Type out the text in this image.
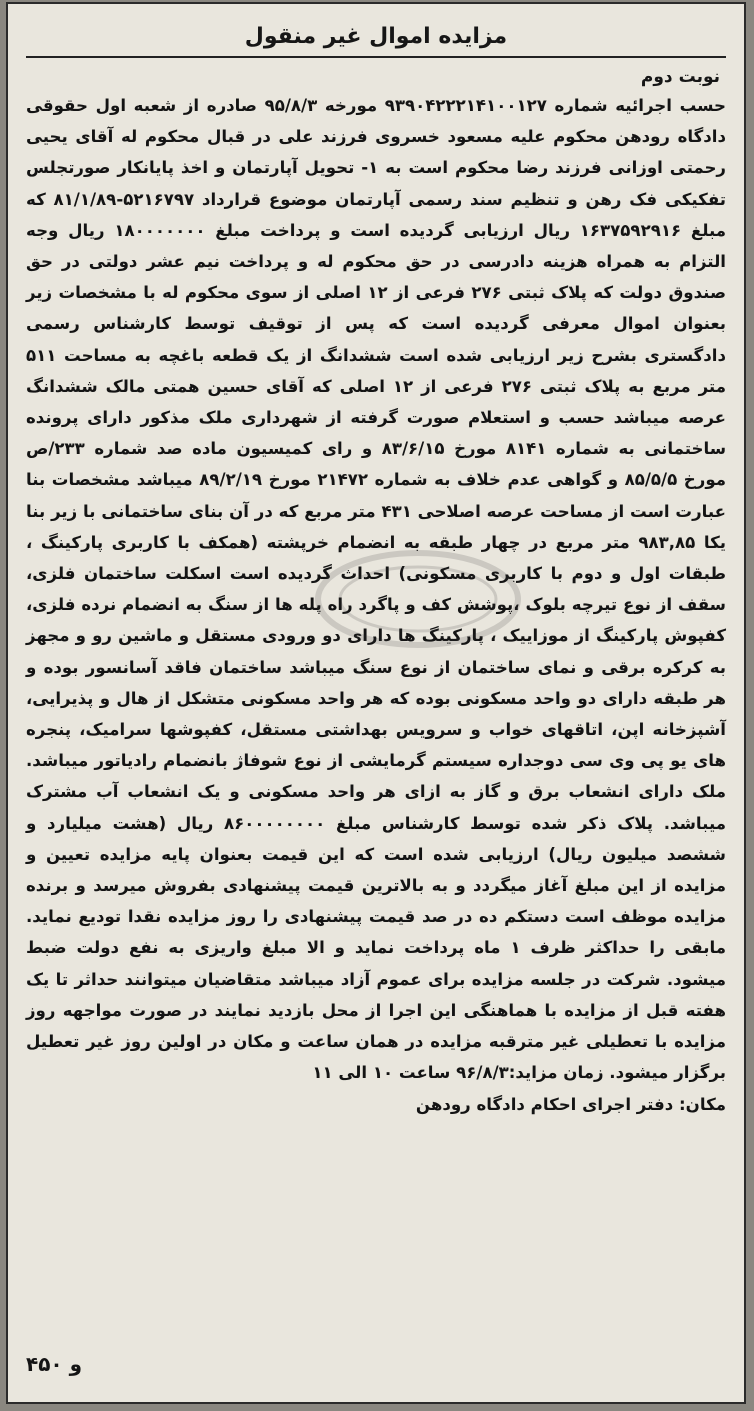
مزایده اموال غیر منقول
نوبت دوم
حسب اجرائیه شماره ۹۳۹۰۴۲۲۲۱۴۱۰۰۱۲۷ مورخه ۹۵/۸/۳ صادره از شعبه اول حقوقی دادگاه رودهن محکوم علیه مسعود خسروی فرزند علی در قبال محکوم له آقای یحیی رحمتی اوزانی فرزند رضا محکوم است به ۱- تحویل آپارتمان و اخذ پایانکار صورتجلس تفکیکی فک رهن و تنظیم سند رسمی آپارتمان موضوع قرارداد ۵۲۱۶۷۹۷-۸۱/۱/۸۹ که مبلغ ۱۶۳۷۵۹۲۹۱۶ ریال ارزیابی گردیده است و پرداخت مبلغ ۱۸۰۰۰۰۰۰۰ ریال وجه التزام به همراه هزینه دادرسی در حق محکوم له و پرداخت نیم عشر دولتی در حق صندوق دولت که پلاک ثبتی ۲۷۶ فرعی از ۱۲ اصلی از سوی محکوم له با مشخصات زیر بعنوان اموال معرفی گردیده است که پس از توقیف توسط کارشناس رسمی دادگستری بشرح زیر ارزیابی شده است ششدانگ از یک قطعه باغچه به مساحت ۵۱۱ متر مربع به پلاک ثبتی ۲۷۶ فرعی از ۱۲ اصلی که آقای حسین همتی مالک ششدانگ عرصه میباشد حسب و استعلام صورت گرفته از شهرداری ملک مذکور دارای پرونده ساختمانی به شماره ۸۱۴۱ مورخ ۸۳/۶/۱۵ و رای کمیسیون ماده صد شماره ۲۳۳/ص مورخ ۸۵/۵/۵ و گواهی عدم خلاف به شماره ۲۱۴۷۲ مورخ ۸۹/۲/۱۹ میباشد مشخصات بنا عبارت است از مساحت عرصه اصلاحی ۴۳۱ متر مربع که در آن بنای ساختمانی با زیر بنا یکا ۹۸۳,۸۵ متر مربع در چهار طبقه به انضمام خرپشته (همکف با کاربری پارکینگ ، طبقات اول و دوم با کاربری مسکونی) احداث گردیده است اسکلت ساختمان فلزی، سقف از نوع تیرچه بلوک ،پوشش کف و پاگرد راه پله ها از سنگ به انضمام نرده فلزی، کفپوش پارکینگ از موزاییک ، پارکینگ ها دارای دو ورودی مستقل و ماشین رو و مجهز به کرکره برقی و نمای ساختمان از نوع سنگ میباشد ساختمان فاقد آسانسور بوده و هر طبقه دارای دو واحد مسکونی بوده که هر واحد مسکونی متشکل از هال و پذیرایی، آشپزخانه اپن، اتاقهای خواب و سرویس بهداشتی مستقل، کفپوشها سرامیک، پنجره های یو پی وی سی دوجداره سیستم گرمایشی از نوع شوفاژ بانضمام رادیاتور میباشد. ملک دارای انشعاب برق و گاز به ازای هر واحد مسکونی و یک انشعاب آب مشترک میباشد. پلاک ذکر شده توسط کارشناس مبلغ ۸۶۰۰۰۰۰۰۰۰ ریال (هشت میلیارد و ششصد میلیون ریال) ارزیابی شده است که این قیمت بعنوان پایه مزایده تعیین و مزایده از این مبلغ آغاز میگردد و به بالاترین قیمت پیشنهادی بفروش میرسد و برنده مزایده موظف است دستکم ده در صد قیمت پیشنهادی را روز مزایده نقدا تودیع نماید. مابقی را حداکثر ظرف ۱ ماه پرداخت نماید و الا مبلغ واریزی به نفع دولت ضبط میشود. شرکت در جلسه مزایده برای عموم آزاد میباشد متقاضیان میتوانند حداثر تا یک هفته قبل از مزایده با هماهنگی این اجرا از محل بازدید نمایند در صورت مواجهه روز مزایده با تعطیلی غیر مترقبه مزایده در همان ساعت و مکان در اولین روز غیر تعطیل برگزار میشود. زمان مزاید:۹۶/۸/۳ ساعت ۱۰ الی ۱۱
مکان: دفتر اجرای احکام دادگاه رودهن
و ۴۵۰
